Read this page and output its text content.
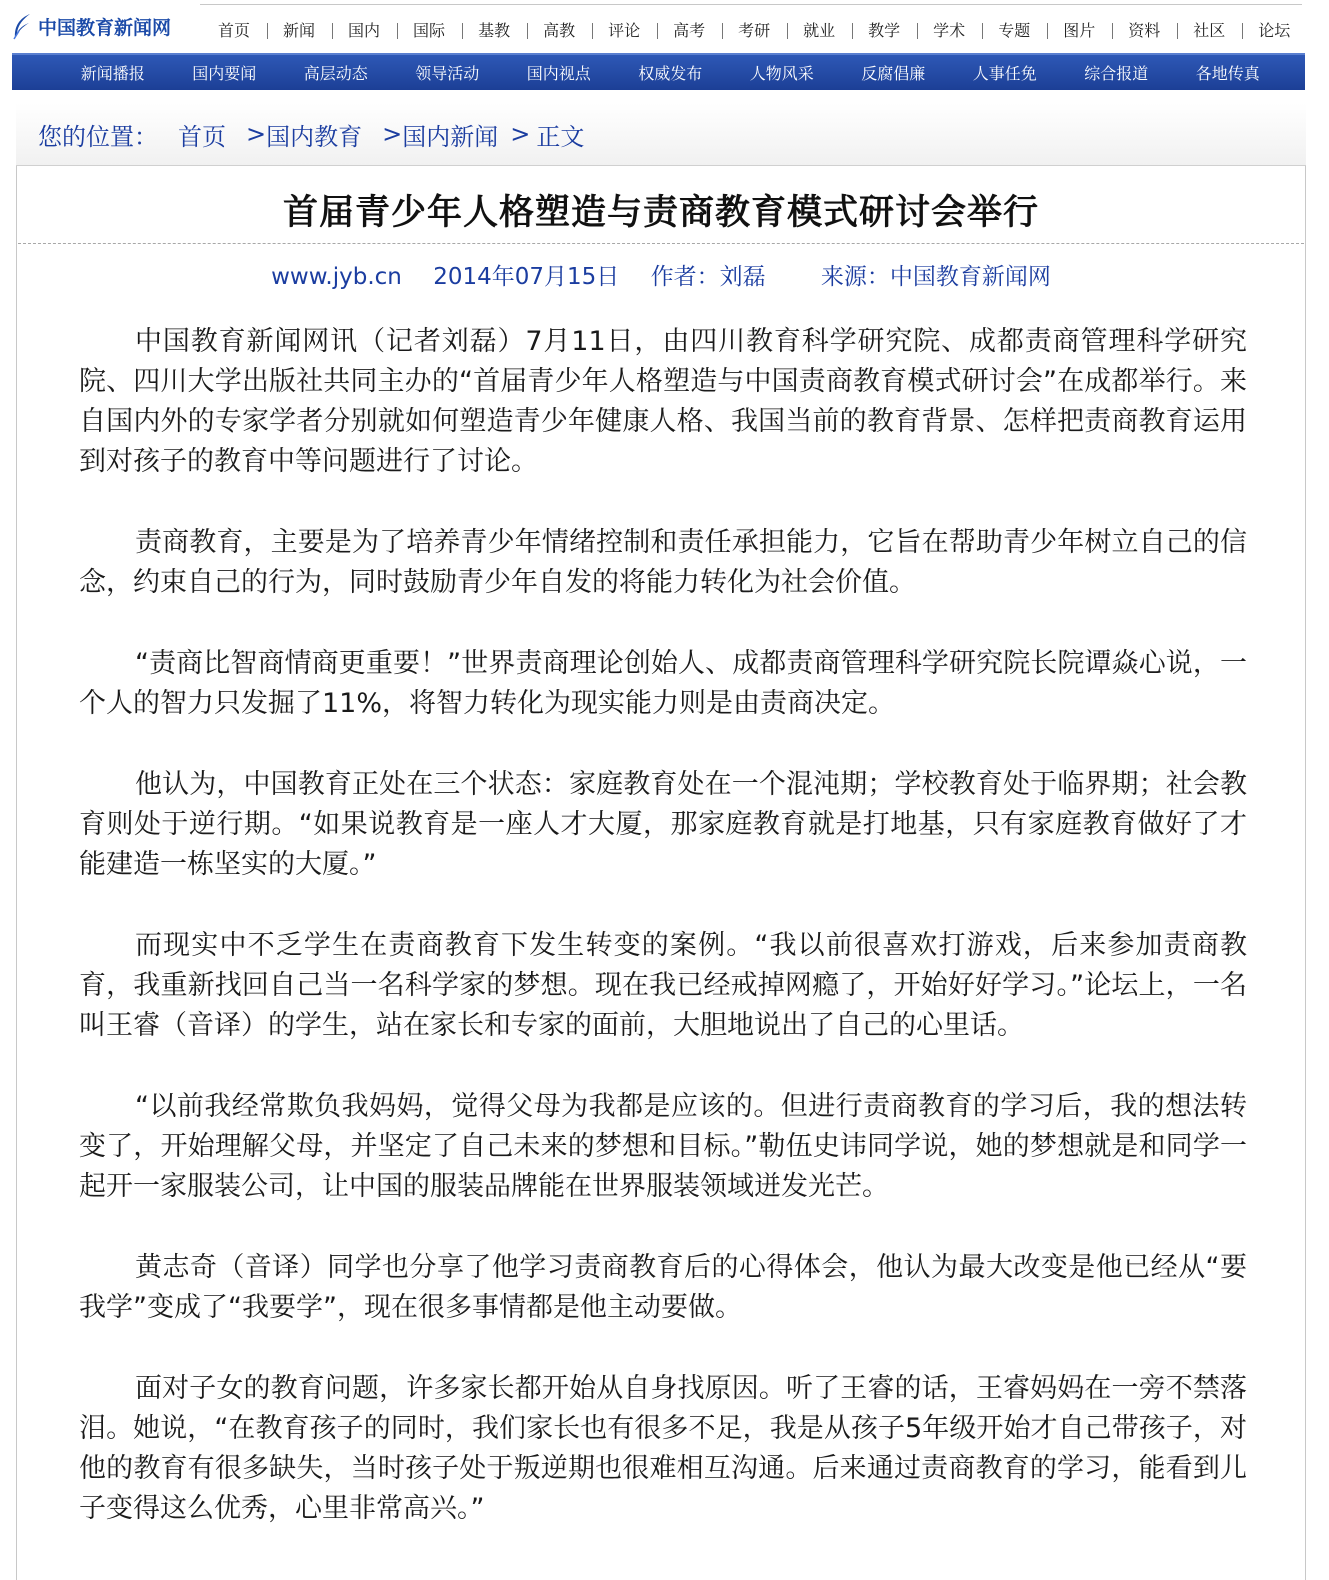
中国教育新闻网	首页	新闻	国内	国际	基教	高教	评论	高考	考研	就业	教学	学术	专题	图片	资料	社区	论坛
新闻播报	国内要闻	高层动态	领导活动	国内视点	权威发布	人物风采	反腐倡廉	人事任免	综合报道	各地传真
您的位置： 首页 > 国内教育 > 国内新闻 > 正文
首届青少年人格塑造与责商教育模式研讨会举行
www.jyb.cn 2014年07月15日 作者：刘磊 来源：中国教育新闻网

中国教育新闻网讯（记者刘磊）7月11日，由四川教育科学研究院、成都责商管理科学研究院、四川大学出版社共同主办的“首届青少年人格塑造与中国责商教育模式研讨会”在成都举行。来自国内外的专家学者分别就如何塑造青少年健康人格、我国当前的教育背景、怎样把责商教育运用到对孩子的教育中等问题进行了讨论。

责商教育，主要是为了培养青少年情绪控制和责任承担能力，它旨在帮助青少年树立自己的信念，约束自己的行为，同时鼓励青少年自发的将能力转化为社会价值。

“责商比智商情商更重要！”世界责商理论创始人、成都责商管理科学研究院长院谭焱心说，一个人的智力只发掘了11%，将智力转化为现实能力则是由责商决定。

他认为，中国教育正处在三个状态：家庭教育处在一个混沌期；学校教育处于临界期；社会教育则处于逆行期。“如果说教育是一座人才大厦，那家庭教育就是打地基，只有家庭教育做好了才能建造一栋坚实的大厦。”

而现实中不乏学生在责商教育下发生转变的案例。“我以前很喜欢打游戏，后来参加责商教育，我重新找回自己当一名科学家的梦想。现在我已经戒掉网瘾了，开始好好学习。”论坛上，一名叫王睿（音译）的学生，站在家长和专家的面前，大胆地说出了自己的心里话。

“以前我经常欺负我妈妈，觉得父母为我都是应该的。但进行责商教育的学习后，我的想法转变了，开始理解父母，并坚定了自己未来的梦想和目标。”勒伍史讳同学说，她的梦想就是和同学一起开一家服装公司，让中国的服装品牌能在世界服装领域迸发光芒。

黄志奇（音译）同学也分享了他学习责商教育后的心得体会，他认为最大改变是他已经从“要我学”变成了“我要学”，现在很多事情都是他主动要做。

面对子女的教育问题，许多家长都开始从自身找原因。听了王睿的话，王睿妈妈在一旁不禁落泪。她说，“在教育孩子的同时，我们家长也有很多不足，我是从孩子5年级开始才自己带孩子，对他的教育有很多缺失，当时孩子处于叛逆期也很难相互沟通。后来通过责商教育的学习，能看到儿子变得这么优秀，心里非常高兴。”
